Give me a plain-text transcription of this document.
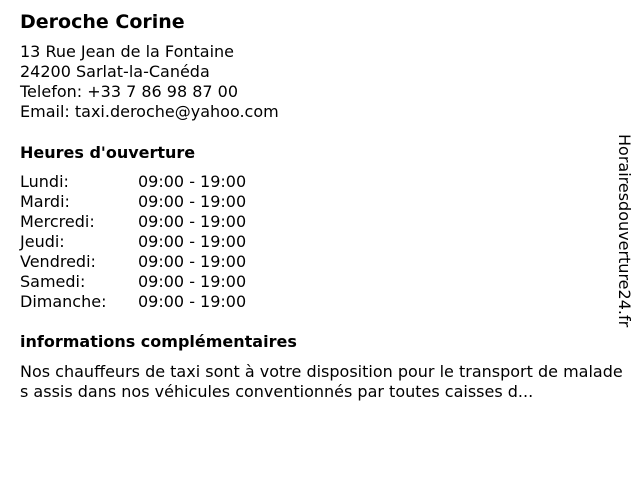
Deroche Corine
13 Rue Jean de la Fontaine
24200 Sarlat-la-Canéda
Telefon: +33 7 86 98 87 00
Email: taxi.deroche@yahoo.com
Heures d'ouverture
Lundi:	09:00 - 19:00
Mardi:	09:00 - 19:00
Mercredi:	09:00 - 19:00
Jeudi:	09:00 - 19:00
Vendredi:	09:00 - 19:00
Samedi:	09:00 - 19:00
Dimanche:	09:00 - 19:00
informations complémentaires
Nos chauffeurs de taxi sont à votre disposition pour le transport de malades assis dans nos véhicules conventionnés par toutes caisses d...
Horairesdouverture24.fr
